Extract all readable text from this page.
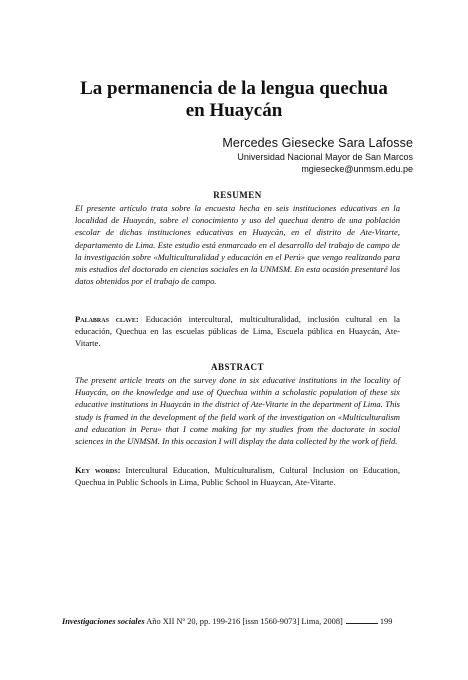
La permanencia de la lengua quechua
en Huaycán
Mercedes Giesecke Sara Lafosse
Universidad Nacional Mayor de San Marcos
mgiesecke@unmsm.edu.pe
RESUMEN

El presente artículo trata sobre la encuesta hecha en seis instituciones educativas en la localidad de Huaycán, sobre el conocimiento y uso del quechua dentro de una población escolar de dichas instituciones educativas en Huaycán, en el distrito de Ate-Vitarte, departamento de Lima. Este estudio está enmarcado en el desarrollo del trabajo de campo de la investigación sobre «Multiculturalidad y educación en el Perú» que vengo realizando para mis estudios del doctorado en ciencias sociales en la UNMSM. En esta ocasión presentaré los datos obtenidos por el trabajo de campo.

Palabras clave: Educación intercultural, multiculturalidad, inclusión cultural en la educación, Quechua en las escuelas públicas de Lima, Escuela pública en Huaycán, Ate-Vitarte.

ABSTRACT

The present article treats on the survey done in six educative institutions in the locality of Huaycán, on the knowledge and use of Quechua within a scholastic population of these six educative institutions in Huaycán in the district of Ate-Vitarte in the department of Lima. This study is framed in the development of the field work of the investigation on «Multiculturalism and education in Peru» that I come making for my studies from the doctorate in social sciences in the UNMSM. In this occasion I will display the data collected by the work of field.

Key words: Intercultural Education, Multiculturalism, Cultural Inclusion on Education, Quechua in Public Schools in Lima, Public School in Huaycan, Ate-Vitarte.

Investigaciones sociales Año XII Nº 20, pp. 199-216 [issn 1560-9073] Lima, 2008]	199
